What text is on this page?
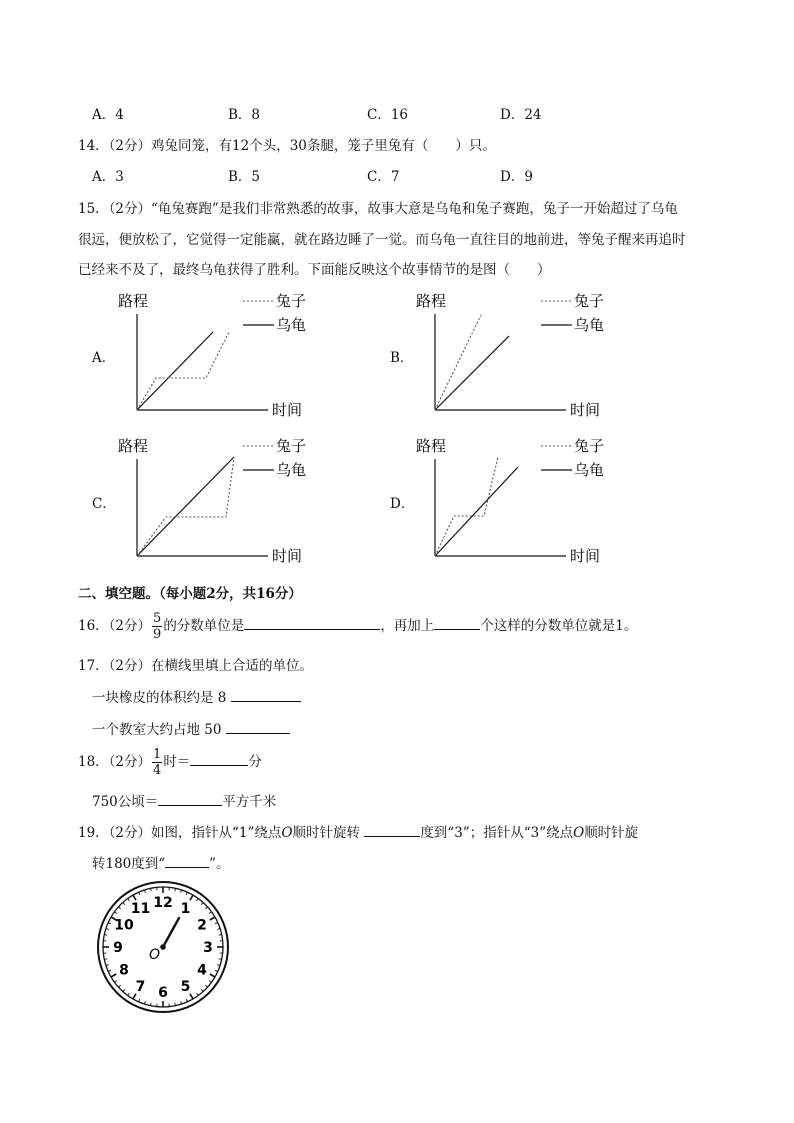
A．4	B．8	C．16	D．24
14．（2分）鸡兔同笼，有12个头，30条腿，笼子里兔有（　　）只。
A．3	B．5	C．7	D．9
15．（2分）“龟兔赛跑”是我们非常熟悉的故事，故事大意是乌龟和兔子赛跑，兔子一开始超过了乌龟
很远，便放松了，它觉得一定能赢，就在路边睡了一觉。而乌龟一直往目的地前进，等兔子醒来再追时
已经来不及了，最终乌龟获得了胜利。下面能反映这个故事情节的是图（　　）
A．
路程	兔子
乌龟
时间
B．
路程	兔子
乌龟
时间
C．
路程	兔子
乌龟
时间
D．
路程	兔子
乌龟
时间
二、填空题。（每小题2分，共16分）
16．（2分） $\frac{5}{9}$ 的分数单位是	，再加上	个这样的分数单位就是1。
17．（2分）在横线里填上合适的单位。
一块橡皮的体积约是 8
一个教室大约占地 50
18．（2分） $\frac{1}{4}$ 时＝	分
750公顷＝	平方千米
19．（2分）如图，指针从“1”绕点O顺时针旋转	度到“3”；指针从“3”绕点O顺时针旋
转180度到“	”。
12 1
2
3
4
5
6
7
8
9
10
11
O
